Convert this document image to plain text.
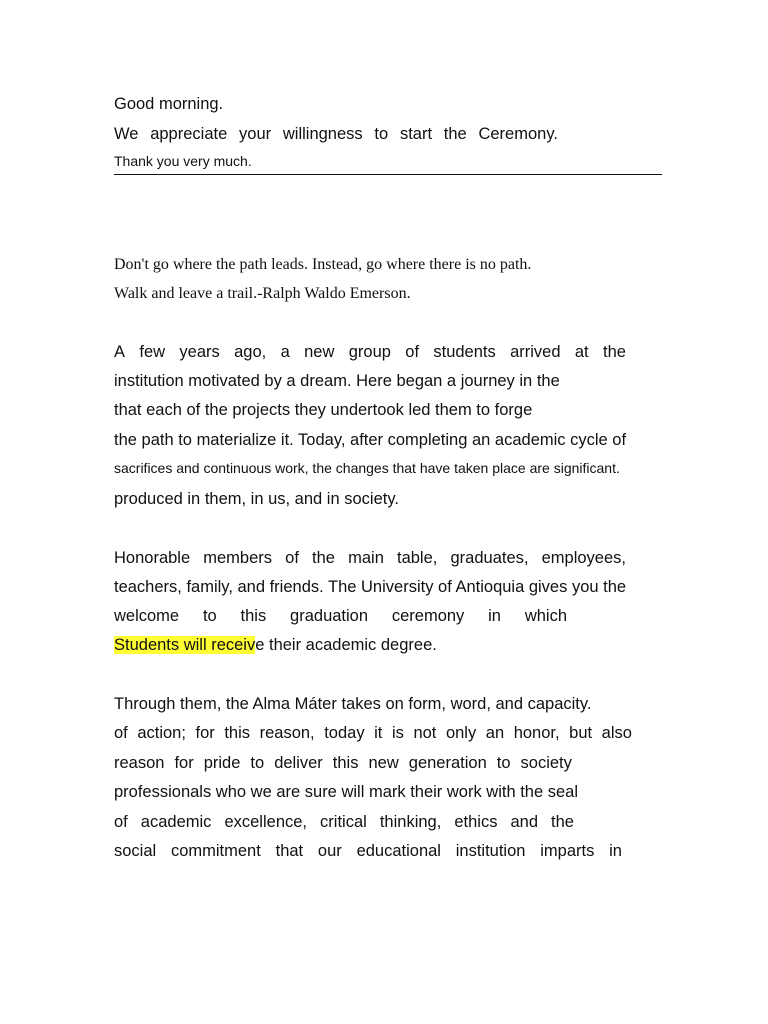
Good morning.
We appreciate your willingness to start the Ceremony.
Thank you very much.
Don't go where the path leads. Instead, go where there is no path.
Walk and leave a trail.-Ralph Waldo Emerson.
A few years ago, a new group of students arrived at the
institution motivated by a dream. Here began a journey in the
that each of the projects they undertook led them to forge
the path to materialize it. Today, after completing an academic cycle of
sacrifices and continuous work, the changes that have taken place are significant.
produced in them, in us, and in society.
Honorable members of the main table, graduates, employees,
teachers, family, and friends. The University of Antioquia gives you the
welcome to this graduation ceremony in which
Students will receive their academic degree.
Through them, the Alma Máter takes on form, word, and capacity.
of action; for this reason, today it is not only an honor, but also
reason for pride to deliver this new generation to society
professionals who we are sure will mark their work with the seal
of academic excellence, critical thinking, ethics and the
social commitment that our educational institution imparts in
